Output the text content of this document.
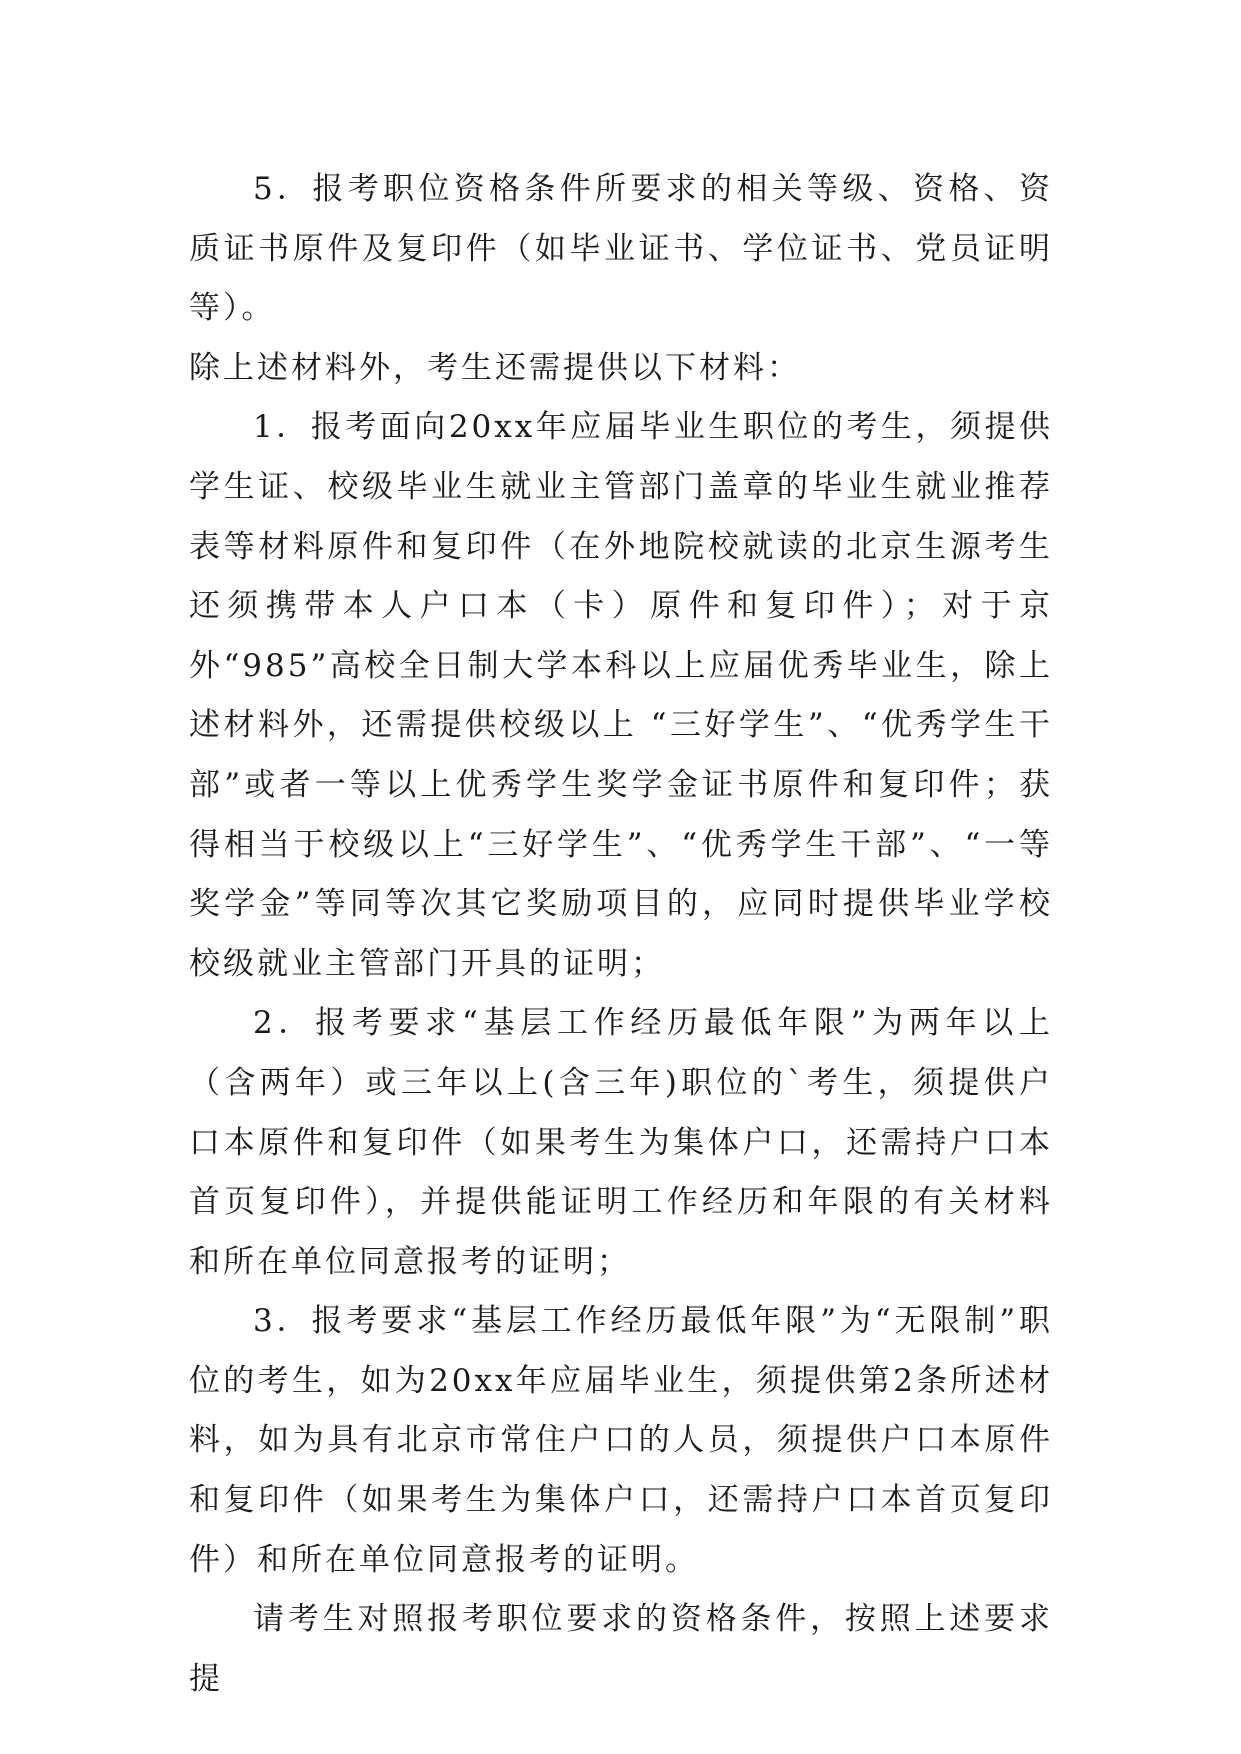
5．报考职位资格条件所要求的相关等级、资格、资质证书原件及复印件（如毕业证书、学位证书、党员证明等）。

除上述材料外，考生还需提供以下材料：

1．报考面向20xx年应届毕业生职位的考生，须提供学生证、校级毕业生就业主管部门盖章的毕业生就业推荐表等材料原件和复印件（在外地院校就读的北京生源考生还须携带本人户口本（卡）原件和复印件）；对于京外“985”高校全日制大学本科以上应届优秀毕业生，除上述材料外，还需提供校级以上 “三好学生”、“优秀学生干部”或者一等以上优秀学生奖学金证书原件和复印件；获得相当于校级以上“三好学生”、“优秀学生干部”、“一等奖学金”等同等次其它奖励项目的，应同时提供毕业学校校级就业主管部门开具的证明；

2．报考要求“基层工作经历最低年限”为两年以上（含两年）或三年以上(含三年)职位的`考生，须提供户口本原件和复印件（如果考生为集体户口，还需持户口本首页复印件），并提供能证明工作经历和年限的有关材料和所在单位同意报考的证明；

3．报考要求“基层工作经历最低年限”为“无限制”职位的考生，如为20xx年应届毕业生，须提供第2条所述材料，如为具有北京市常住户口的人员，须提供户口本原件和复印件（如果考生为集体户口，还需持户口本首页复印件）和所在单位同意报考的证明。

请考生对照报考职位要求的资格条件，按照上述要求提
